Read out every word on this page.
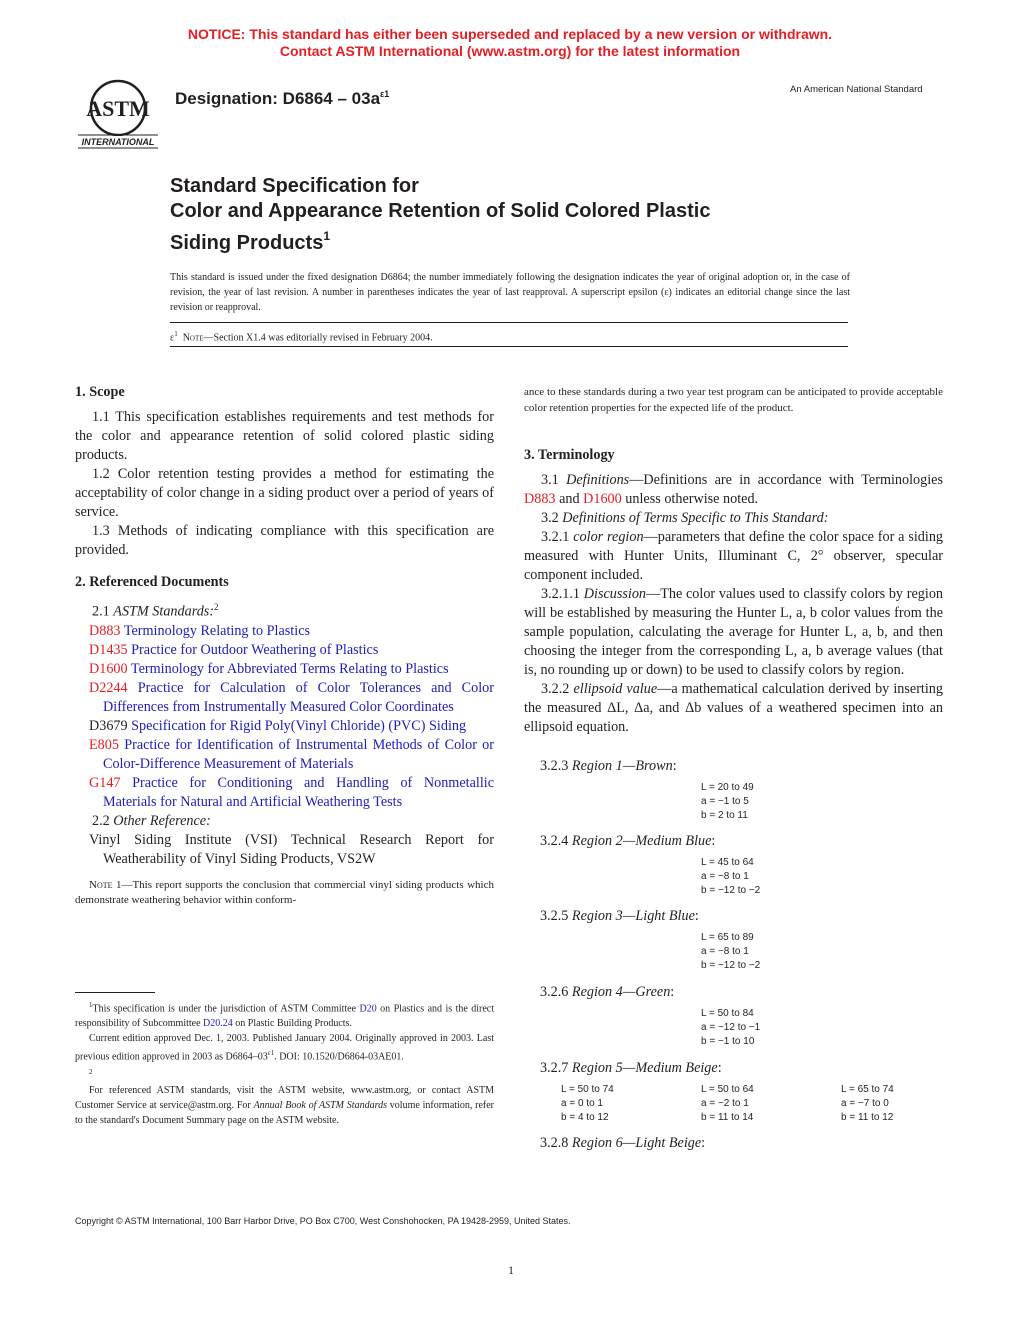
NOTICE: This standard has either been superseded and replaced by a new version or withdrawn.
Contact ASTM International (www.astm.org) for the latest information
ASTM
INTERNATIONAL
Designation: $D6864 - 03a^{\varepsilon 1}$	An American National Standard
Standard Specification for
Color and Appearance Retention of Solid Colored Plastic
Siding Products$^1$
This standard is issued under the fixed designation D6864; the number immediately following the designation indicates the year of original adoption or, in the case of revision, the year of last revision. A number in parentheses indicates the year of last reapproval. A superscript epsilon (ε) indicates an editorial change since the last revision or reapproval.
$\varepsilon^1$ Note—Section X1.4 was editorially revised in February 2004.

1. Scope

1.1 This specification establishes requirements and test methods for the color and appearance retention of solid colored plastic siding products.

1.2 Color retention testing provides a method for estimating the acceptability of color change in a siding product over a period of years of service.

1.3 Methods of indicating compliance with this specification are provided.

2. Referenced Documents

2.1 ASTM Standards:$^2$

D883 Terminology Relating to Plastics

D1435 Practice for Outdoor Weathering of Plastics

D1600 Terminology for Abbreviated Terms Relating to Plastics

D2244 Practice for Calculation of Color Tolerances and Color Differences from Instrumentally Measured Color Coordinates

D3679 Specification for Rigid Poly(Vinyl Chloride) (PVC) Siding

E805 Practice for Identification of Instrumental Methods of Color or Color-Difference Measurement of Materials

G147 Practice for Conditioning and Handling of Nonmetallic Materials for Natural and Artificial Weathering Tests

2.2 Other Reference:

Vinyl Siding Institute (VSI) Technical Research Report for Weatherability of Vinyl Siding Products, VS2W

Note 1—This report supports the conclusion that commercial vinyl siding products which demonstrate weathering behavior within conform-

$^1$This specification is under the jurisdiction of ASTM Committee D20 on Plastics and is the direct responsibility of Subcommittee D20.24 on Plastic Building Products.

Current edition approved Dec. 1, 2003. Published January 2004. Originally approved in 2003. Last previous edition approved in 2003 as $D6864-03^{\varepsilon 1}$. DOI: 10.1520/D6864-03AE01.

$^2$

For referenced ASTM standards, visit the ASTM website, www.astm.org, or contact ASTM Customer Service at service@astm.org. For Annual Book of ASTM Standards volume information, refer to the standard's Document Summary page on the ASTM website.

ance to these standards during a two year test program can be anticipated to provide acceptable color retention properties for the expected life of the product.

3. Terminology

3.1 Definitions—Definitions are in accordance with Terminologies D883 and D1600 unless otherwise noted.

3.2 Definitions of Terms Specific to This Standard:

3.2.1 color region—parameters that define the color space for a siding measured with Hunter Units, Illuminant C, 2° observer, specular component included.

3.2.1.1 Discussion—The color values used to classify colors by region will be established by measuring the Hunter L, a, b color values from the sample population, calculating the average for Hunter L, a, b, and then choosing the integer from the corresponding L, a, b average values (that is, no rounding up or down) to be used to classify colors by region.

3.2.2 ellipsoid value—a mathematical calculation derived by inserting the measured ΔL, Δa, and Δb values of a weathered specimen into an ellipsoid equation.

3.2.3 Region 1—Brown:
L = 20 to 49
a = −1 to 5
b = 2 to 11
3.2.4 Region 2—Medium Blue:
L = 45 to 64
a = −8 to 1
b = −12 to −2
3.2.5 Region 3—Light Blue:
L = 65 to 89
a = −8 to 1
b = −12 to −2
3.2.6 Region 4—Green:
L = 50 to 84
a = −12 to −1
b = −1 to 10
3.2.7 Region 5—Medium Beige:
L = 50 to 74
a = 0 to 1
b = 4 to 12
L = 50 to 64
a = −2 to 1
b = 11 to 14
L = 65 to 74
a = −7 to 0
b = 11 to 12
3.2.8 Region 6—Light Beige:
Copyright © ASTM International, 100 Barr Harbor Drive, PO Box C700, West Conshohocken, PA 19428-2959, United States.
1
